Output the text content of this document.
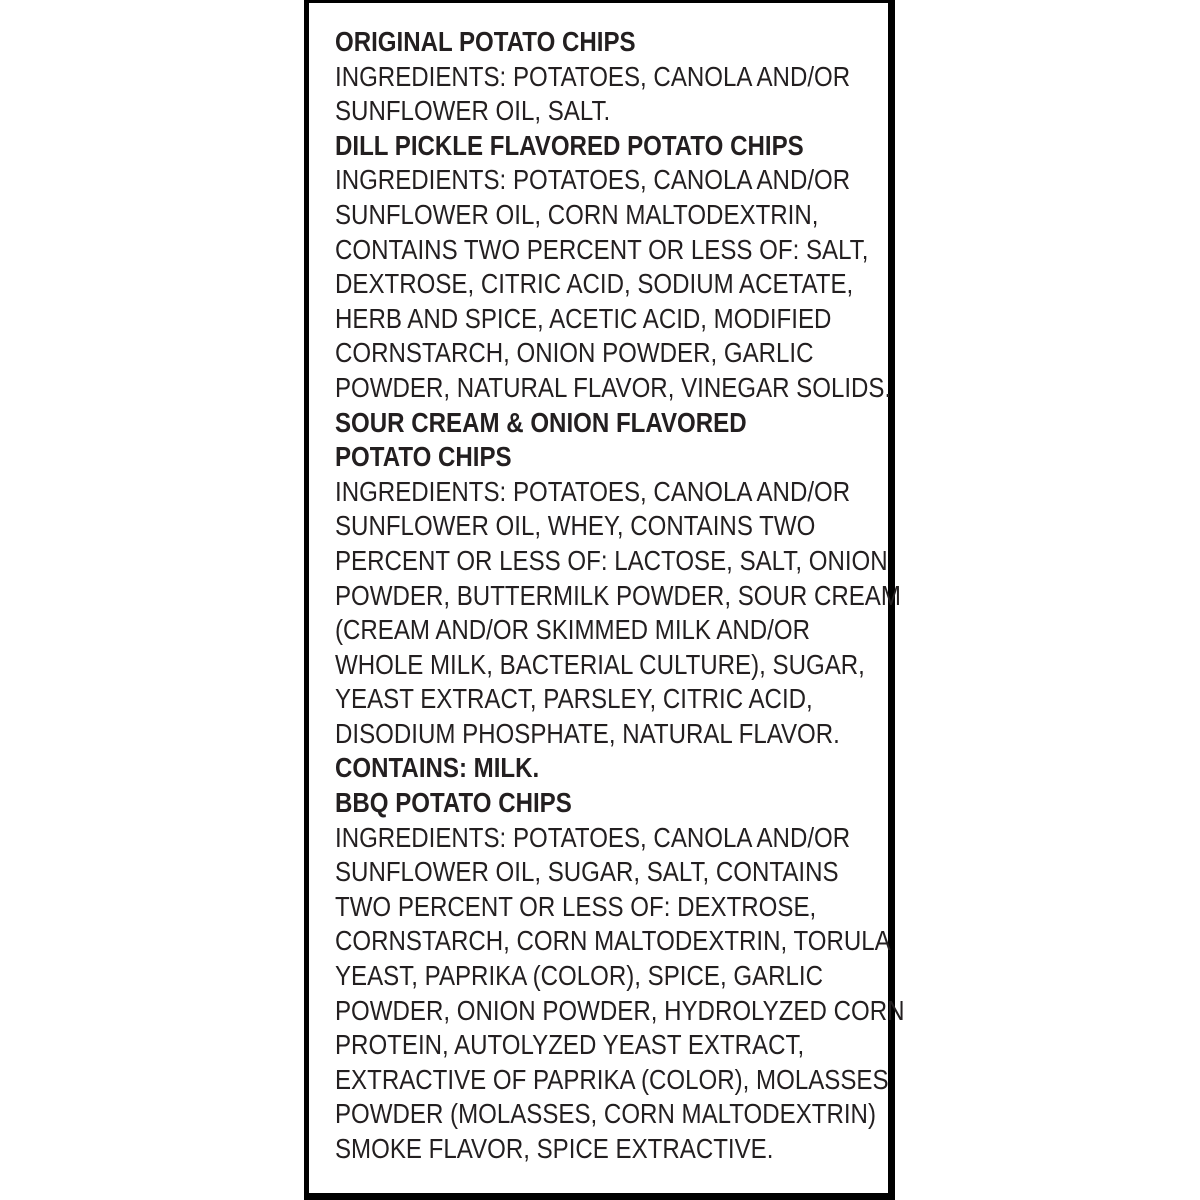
ORIGINAL POTATO CHIPS
INGREDIENTS: POTATOES, CANOLA AND/OR
SUNFLOWER OIL, SALT.
DILL PICKLE FLAVORED POTATO CHIPS
INGREDIENTS: POTATOES, CANOLA AND/OR
SUNFLOWER OIL, CORN MALTODEXTRIN,
CONTAINS TWO PERCENT OR LESS OF: SALT,
DEXTROSE, CITRIC ACID, SODIUM ACETATE,
HERB AND SPICE, ACETIC ACID, MODIFIED
CORNSTARCH, ONION POWDER, GARLIC
POWDER, NATURAL FLAVOR, VINEGAR SOLIDS.
SOUR CREAM & ONION FLAVORED
POTATO CHIPS
INGREDIENTS: POTATOES, CANOLA AND/OR
SUNFLOWER OIL, WHEY, CONTAINS TWO
PERCENT OR LESS OF: LACTOSE, SALT, ONION
POWDER, BUTTERMILK POWDER, SOUR CREAM
(CREAM AND/OR SKIMMED MILK AND/OR
WHOLE MILK, BACTERIAL CULTURE), SUGAR,
YEAST EXTRACT, PARSLEY, CITRIC ACID,
DISODIUM PHOSPHATE, NATURAL FLAVOR.
CONTAINS: MILK.
BBQ POTATO CHIPS
INGREDIENTS: POTATOES, CANOLA AND/OR
SUNFLOWER OIL, SUGAR, SALT, CONTAINS
TWO PERCENT OR LESS OF: DEXTROSE,
CORNSTARCH, CORN MALTODEXTRIN, TORULA
YEAST, PAPRIKA (COLOR), SPICE, GARLIC
POWDER, ONION POWDER, HYDROLYZED CORN
PROTEIN, AUTOLYZED YEAST EXTRACT,
EXTRACTIVE OF PAPRIKA (COLOR), MOLASSES
POWDER (MOLASSES, CORN MALTODEXTRIN)
SMOKE FLAVOR, SPICE EXTRACTIVE.
